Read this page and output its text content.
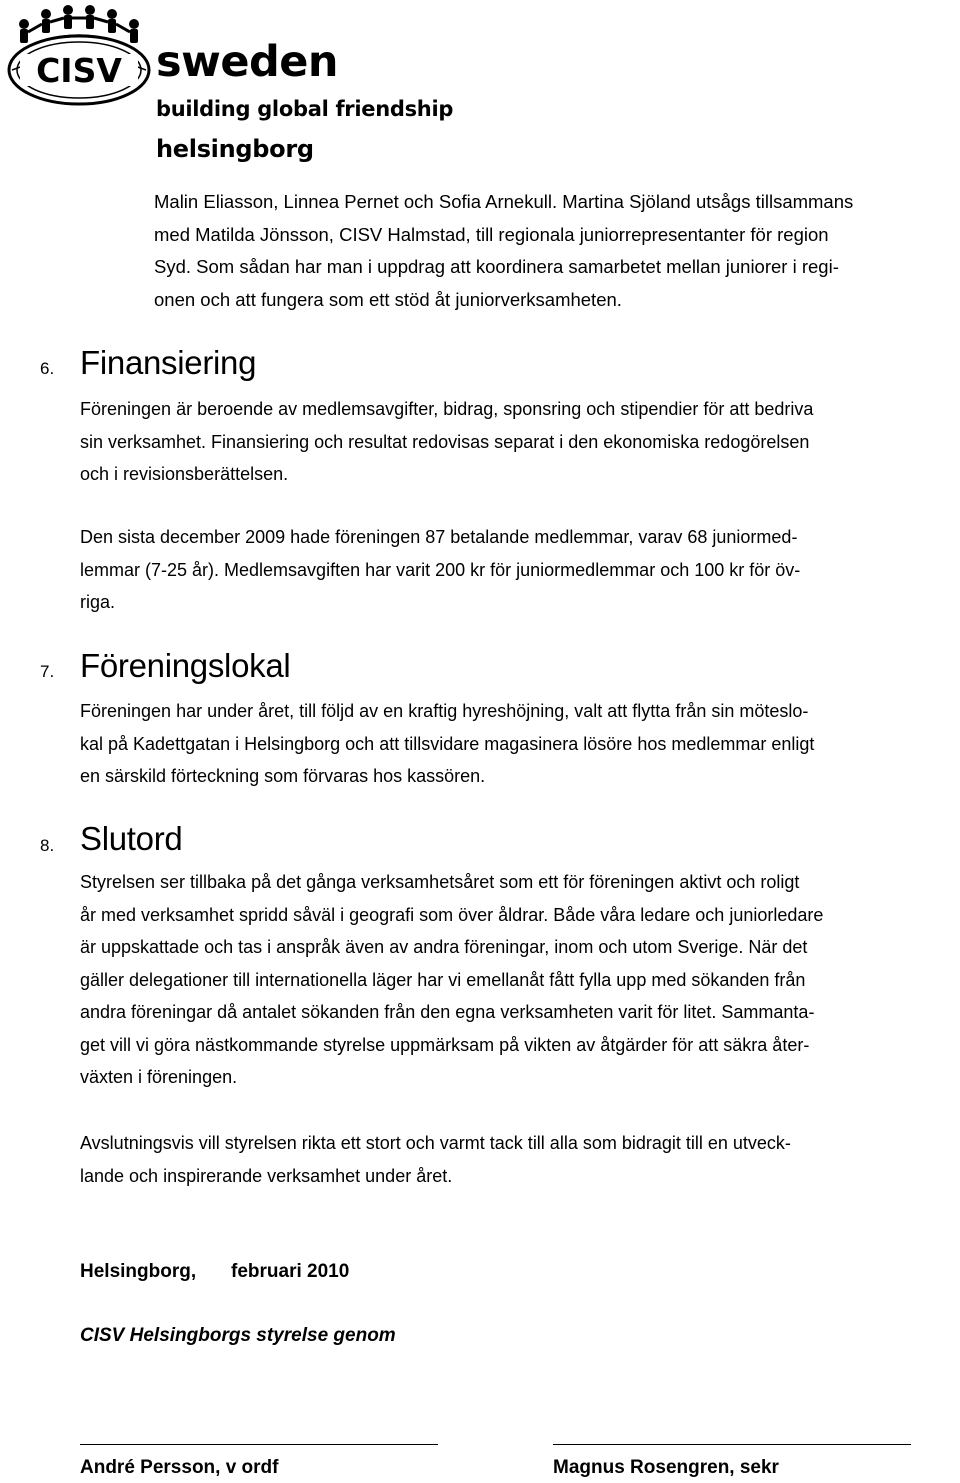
CISV sweden
building global friendship
helsingborg
Malin Eliasson, Linnea Pernet och Sofia Arnekull. Martina Sjöland utsågs tillsammans
med Matilda Jönsson, CISV Halmstad, till regionala juniorrepresentanter för region
Syd. Som sådan har man i uppdrag att koordinera samarbetet mellan juniorer i regi-
onen och att fungera som ett stöd åt juniorverksamheten.
6. Finansiering
Föreningen är beroende av medlemsavgifter, bidrag, sponsring och stipendier för att bedriva
sin verksamhet. Finansiering och resultat redovisas separat i den ekonomiska redogörelsen
och i revisionsberättelsen.
Den sista december 2009 hade föreningen 87 betalande medlemmar, varav 68 juniormed-
lemmar (7-25 år). Medlemsavgiften har varit 200 kr för juniormedlemmar och 100 kr för öv-
riga.
7. Föreningslokal
Föreningen har under året, till följd av en kraftig hyreshöjning, valt att flytta från sin möteslo-
kal på Kadettgatan i Helsingborg och att tillsvidare magasinera lösöre hos medlemmar enligt
en särskild förteckning som förvaras hos kassören.
8. Slutord
Styrelsen ser tillbaka på det gånga verksamhetsåret som ett för föreningen aktivt och roligt
år med verksamhet spridd såväl i geografi som över åldrar. Både våra ledare och juniorledare
är uppskattade och tas i anspråk även av andra föreningar, inom och utom Sverige. När det
gäller delegationer till internationella läger har vi emellanåt fått fylla upp med sökanden från
andra föreningar då antalet sökanden från den egna verksamheten varit för litet. Sammanta-
get vill vi göra nästkommande styrelse uppmärksam på vikten av åtgärder för att säkra åter-
växten i föreningen.
Avslutningsvis vill styrelsen rikta ett stort och varmt tack till alla som bidragit till en utveck-
lande och inspirerande verksamhet under året.
Helsingborg, februari 2010
CISV Helsingborgs styrelse genom
André Persson, v ordf	Magnus Rosengren, sekr
